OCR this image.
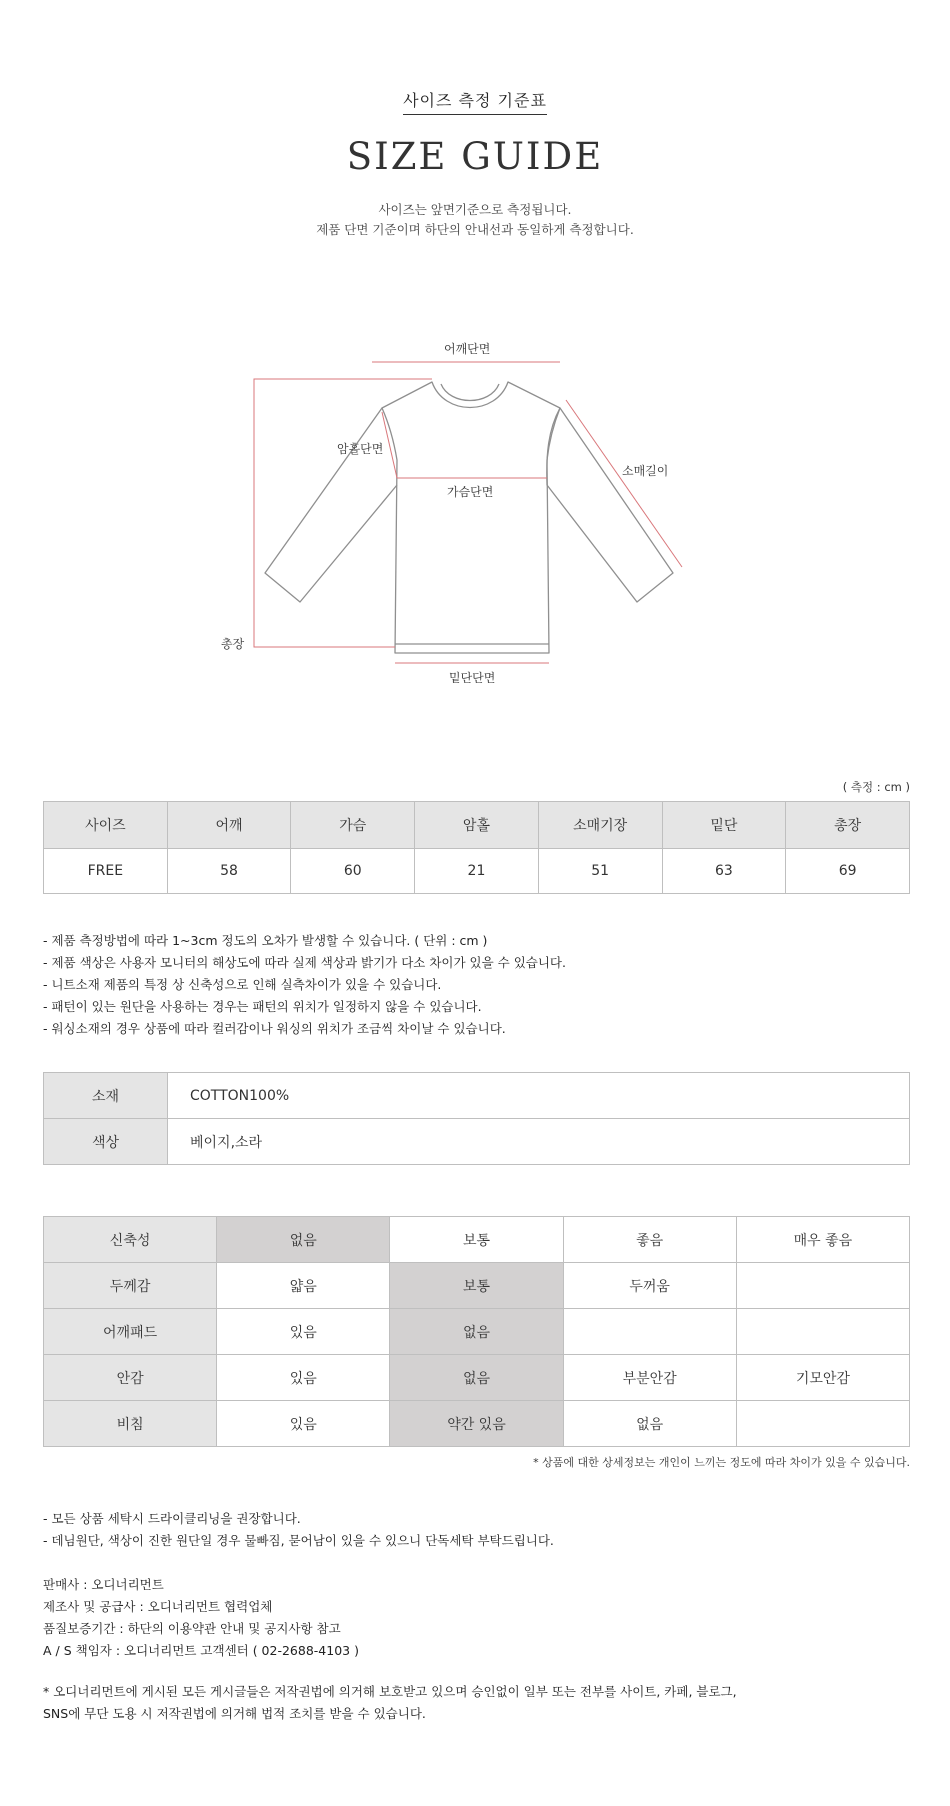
사이즈 측정 기준표
SIZE GUIDE
사이즈는 앞면기준으로 측정됩니다.
제품 단면 기준이며 하단의 안내선과 동일하게 측정합니다.
어깨단면
암홀단면
가슴단면
소매길이
총장
밑단단면
( 측정 : cm )
사이즈	어깨	가슴	암홀	소매기장	밑단	총장
FREE	58	60	21	51	63	69
- 제품 측정방법에 따라 1~3cm 정도의 오차가 발생할 수 있습니다. ( 단위 : cm )
- 제품 색상은 사용자 모니터의 해상도에 따라 실제 색상과 밝기가 다소 차이가 있을 수 있습니다.
- 니트소재 제품의 특정 상 신축성으로 인해 실측차이가 있을 수 있습니다.
- 패턴이 있는 원단을 사용하는 경우는 패턴의 위치가 일정하지 않을 수 있습니다.
- 워싱소재의 경우 상품에 따라 컬러감이나 워싱의 위치가 조금씩 차이날 수 있습니다.
소재	COTTON100%
색상	베이지,소라
신축성	없음	보통	좋음	매우 좋음
두께감	얇음	보통	두꺼움	
어깨패드	있음	없음		
안감	있음	없음	부분안감	기모안감
비침	있음	약간 있음	없음	
* 상품에 대한 상세정보는 개인이 느끼는 정도에 따라 차이가 있을 수 있습니다.
- 모든 상품 세탁시 드라이클리닝을 권장합니다.
- 데님원단, 색상이 진한 원단일 경우 물빠짐, 묻어남이 있을 수 있으니 단독세탁 부탁드립니다.
판매사 : 오디너리먼트
제조사 및 공급사 : 오디너리먼트 협력업체
품질보증기간 : 하단의 이용약관 안내 및 공지사항 참고
A / S 책임자 : 오디너리먼트 고객센터 ( 02-2688-4103 )
* 오디너리먼트에 게시된 모든 게시글들은 저작권법에 의거해 보호받고 있으며 승인없이 일부 또는 전부를 사이트, 카페, 블로그,
SNS에 무단 도용 시 저작권법에 의거해 법적 조치를 받을 수 있습니다.
